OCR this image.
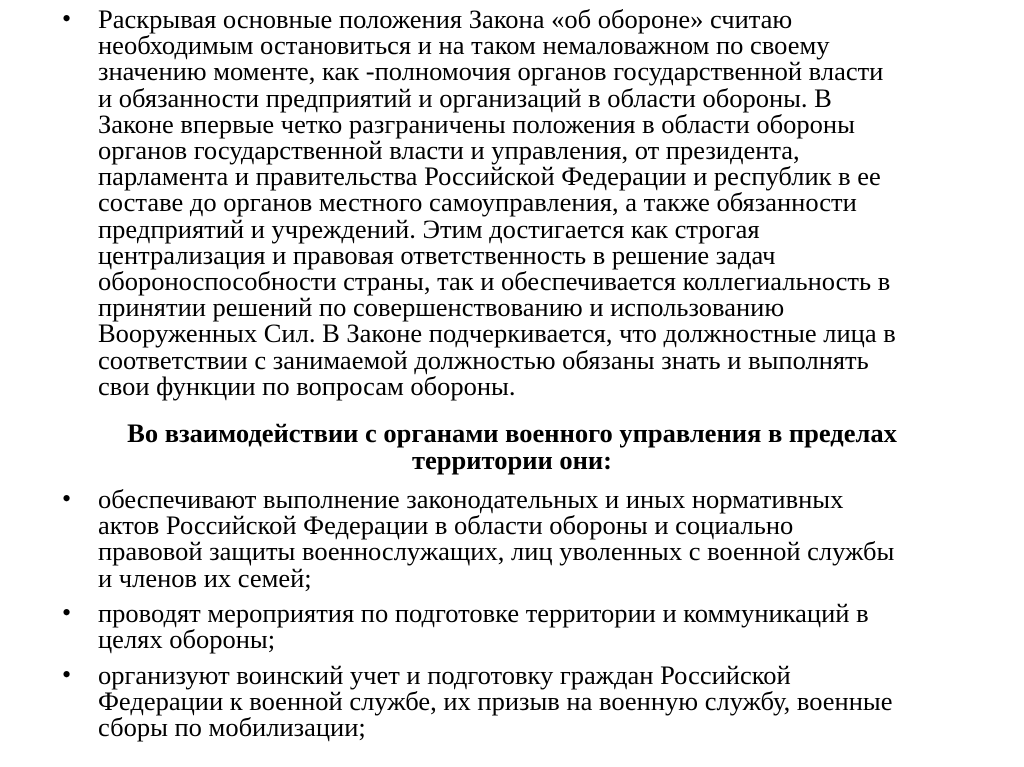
• Раскрывая основные положения Закона «об обороне» считаю
необходимым остановиться и на таком немаловажном по своему
значению моменте, как -полномочия органов государственной власти
и обязанности предприятий и организаций в области обороны. В
Законе впервые четко разграничены положения в области обороны
органов государственной власти и управления, от президента,
парламента и правительства Российской Федерации и республик в ее
составе до органов местного самоуправления, а также обязанности
предприятий и учреждений. Этим достигается как строгая
централизация и правовая ответственность в решение задач
обороноспособности страны, так и обеспечивается коллегиальность в
принятии решений по совершенствованию и использованию
Вооруженных Сил. В Законе подчеркивается, что должностные лица в
соответствии с занимаемой должностью обязаны знать и выполнять
свои функции по вопросам обороны.
Во взаимодействии с органами военного управления в пределах
территории они:
• обеспечивают выполнение законодательных и иных нормативных
актов Российской Федерации в области обороны и социально
правовой защиты военнослужащих, лиц уволенных с военной службы
и членов их семей;
• проводят мероприятия по подготовке территории и коммуникаций в
целях обороны;
• организуют воинский учет и подготовку граждан Российской
Федерации к военной службе, их призыв на военную службу, военные
сборы по мобилизации;
